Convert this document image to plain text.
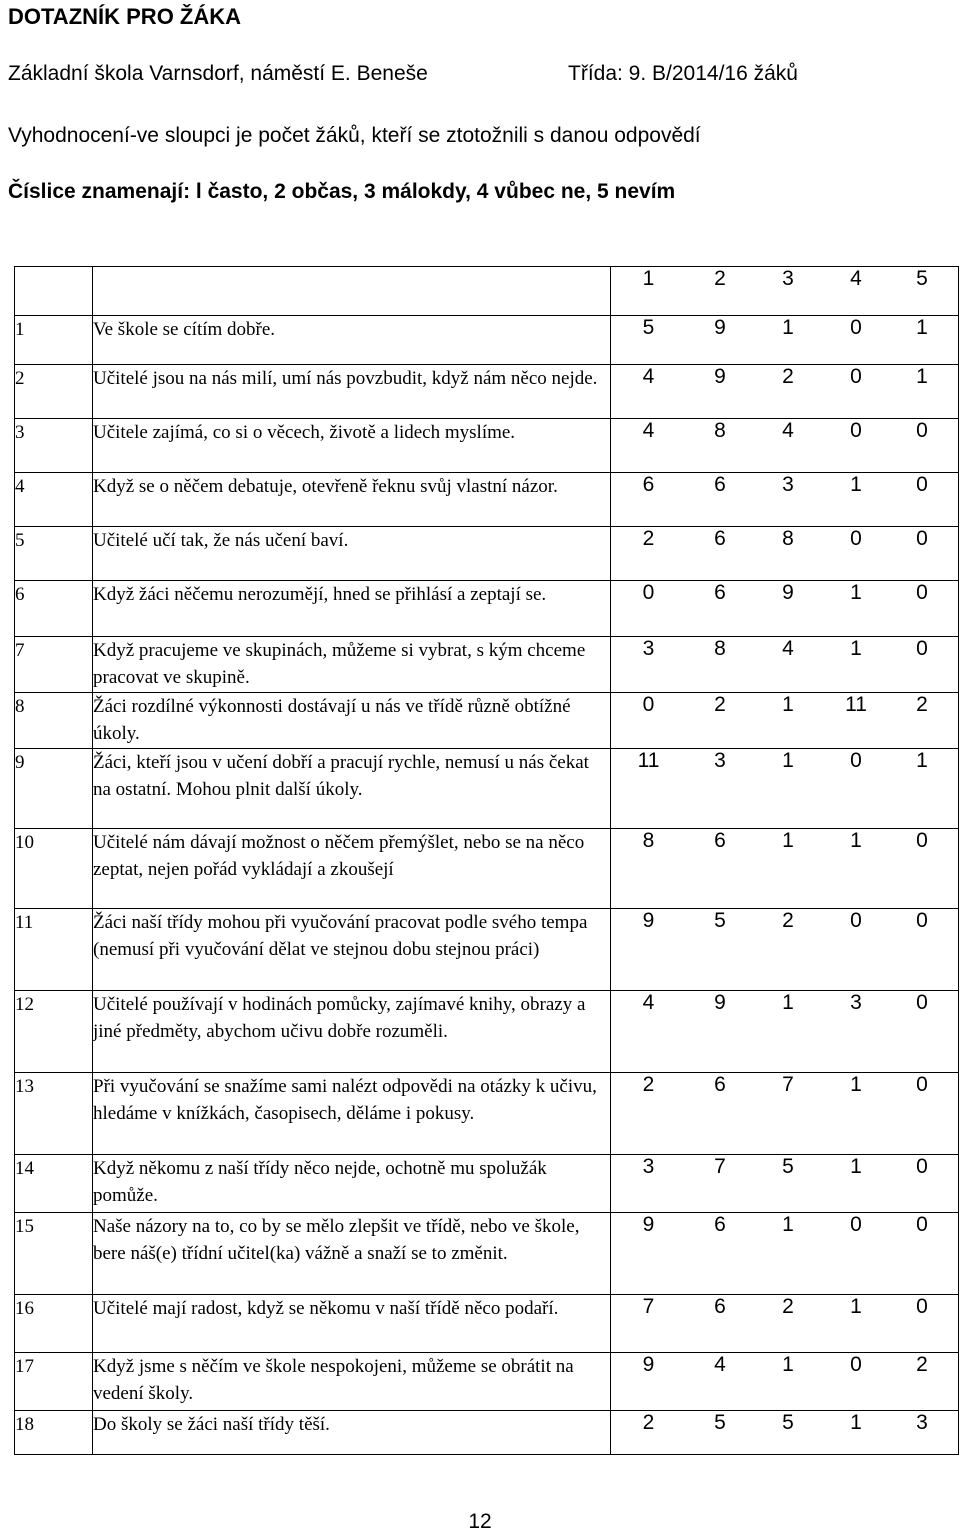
DOTAZNÍK PRO ŽÁKA
Základní škola Varnsdorf, náměstí E. Beneše	Třída: 9. B/2014/16 žáků
Vyhodnocení-ve sloupci je počet žáků, kteří se ztotožnili s danou odpovědí
Číslice znamenají: l často, 2 občas, 3 málokdy, 4 vůbec ne, 5 nevím

		1 2 3 4 5

1	Ve škole se cítím dobře.	5 9 1 0 1

2	Učitelé jsou na nás milí, umí nás povzbudit, když nám něco nejde.	4 9 2 0 1

3	Učitele zajímá, co si o věcech, životě a lidech myslíme.	4 8 4 0 0

4	Když se o něčem debatuje, otevřeně řeknu svůj vlastní názor.	6 6 3 1 0

5	Učitelé učí tak, že nás učení baví.	2 6 8 0 0

6	Když žáci něčemu nerozumějí, hned se přihlásí a zeptají se.	0 6 9 1 0

7	Když pracujeme ve skupinách, můžeme si vybrat, s kým chceme pracovat ve skupině.	3 8 4 1 0

8	Žáci rozdílné výkonnosti dostávají u nás ve třídě různě obtížné úkoly.	0 2 1 11 2

9	Žáci, kteří jsou v učení dobří a pracují rychle, nemusí u nás čekat na ostatní. Mohou plnit další úkoly.	11 3 1 0 1

10	Učitelé nám dávají možnost o něčem přemýšlet, nebo se na něco zeptat, nejen pořád vykládají a zkoušejí	8 6 1 1 0

11	Žáci naší třídy mohou při vyučování pracovat podle svého tempa (nemusí při vyučování dělat ve stejnou dobu stejnou práci)	9 5 2 0 0

12	Učitelé používají v hodinách pomůcky, zajímavé knihy, obrazy a jiné předměty, abychom učivu dobře rozuměli.	4 9 1 3 0

13	Při vyučování se snažíme sami nalézt odpovědi na otázky k učivu, hledáme v knížkách, časopisech, děláme i pokusy.	2 6 7 1 0

14	Když někomu z naší třídy něco nejde, ochotně mu spolužák pomůže.	3 7 5 1 0

15	Naše názory na to, co by se mělo zlepšit ve třídě, nebo ve škole, bere náš(e) třídní učitel(ka) vážně a snaží se to změnit.	9 6 1 0 0

16	Učitelé mají radost, když se někomu v naší třídě něco podaří.	7 6 2 1 0

17	Když jsme s něčím ve škole nespokojeni, můžeme se obrátit na vedení školy.	9 4 1 0 2

18	Do školy se žáci naší třídy těší.	2 5 5 1 3
12
